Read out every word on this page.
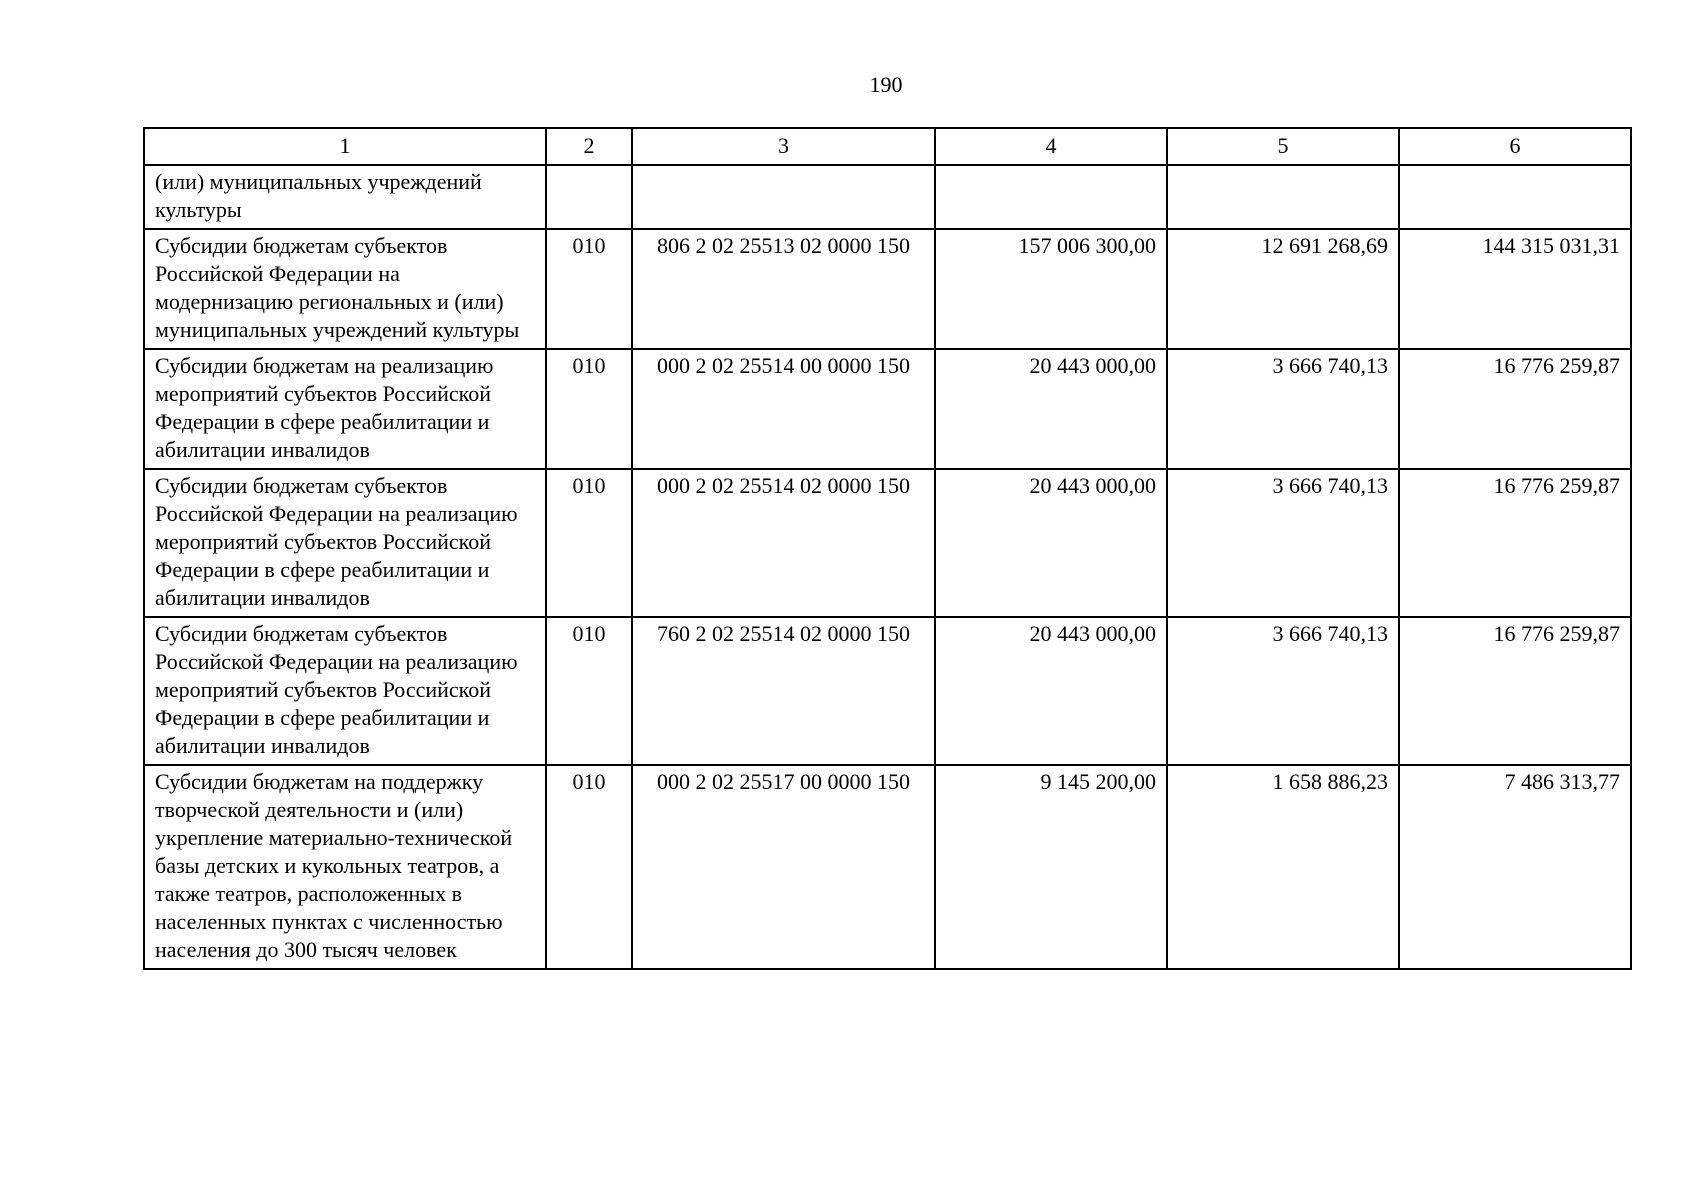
190
1	2	3	4	5	6
(или) муниципальных учреждений культуры					
Субсидии бюджетам субъектов Российской Федерации на модернизацию региональных и (или) муниципальных учреждений культуры	010	806 2 02 25513 02 0000 150	157 006 300,00	12 691 268,69	144 315 031,31
Субсидии бюджетам на реализацию мероприятий субъектов Российской Федерации в сфере реабилитации и абилитации инвалидов	010	000 2 02 25514 00 0000 150	20 443 000,00	3 666 740,13	16 776 259,87
Субсидии бюджетам субъектов Российской Федерации на реализацию мероприятий субъектов Российской Федерации в сфере реабилитации и абилитации инвалидов	010	000 2 02 25514 02 0000 150	20 443 000,00	3 666 740,13	16 776 259,87
Субсидии бюджетам субъектов Российской Федерации на реализацию мероприятий субъектов Российской Федерации в сфере реабилитации и абилитации инвалидов	010	760 2 02 25514 02 0000 150	20 443 000,00	3 666 740,13	16 776 259,87
Субсидии бюджетам на поддержку творческой деятельности и (или) укрепление материально-технической базы детских и кукольных театров, а также театров, расположенных в населенных пунктах с численностью населения до 300 тысяч человек	010	000 2 02 25517 00 0000 150	9 145 200,00	1 658 886,23	7 486 313,77
